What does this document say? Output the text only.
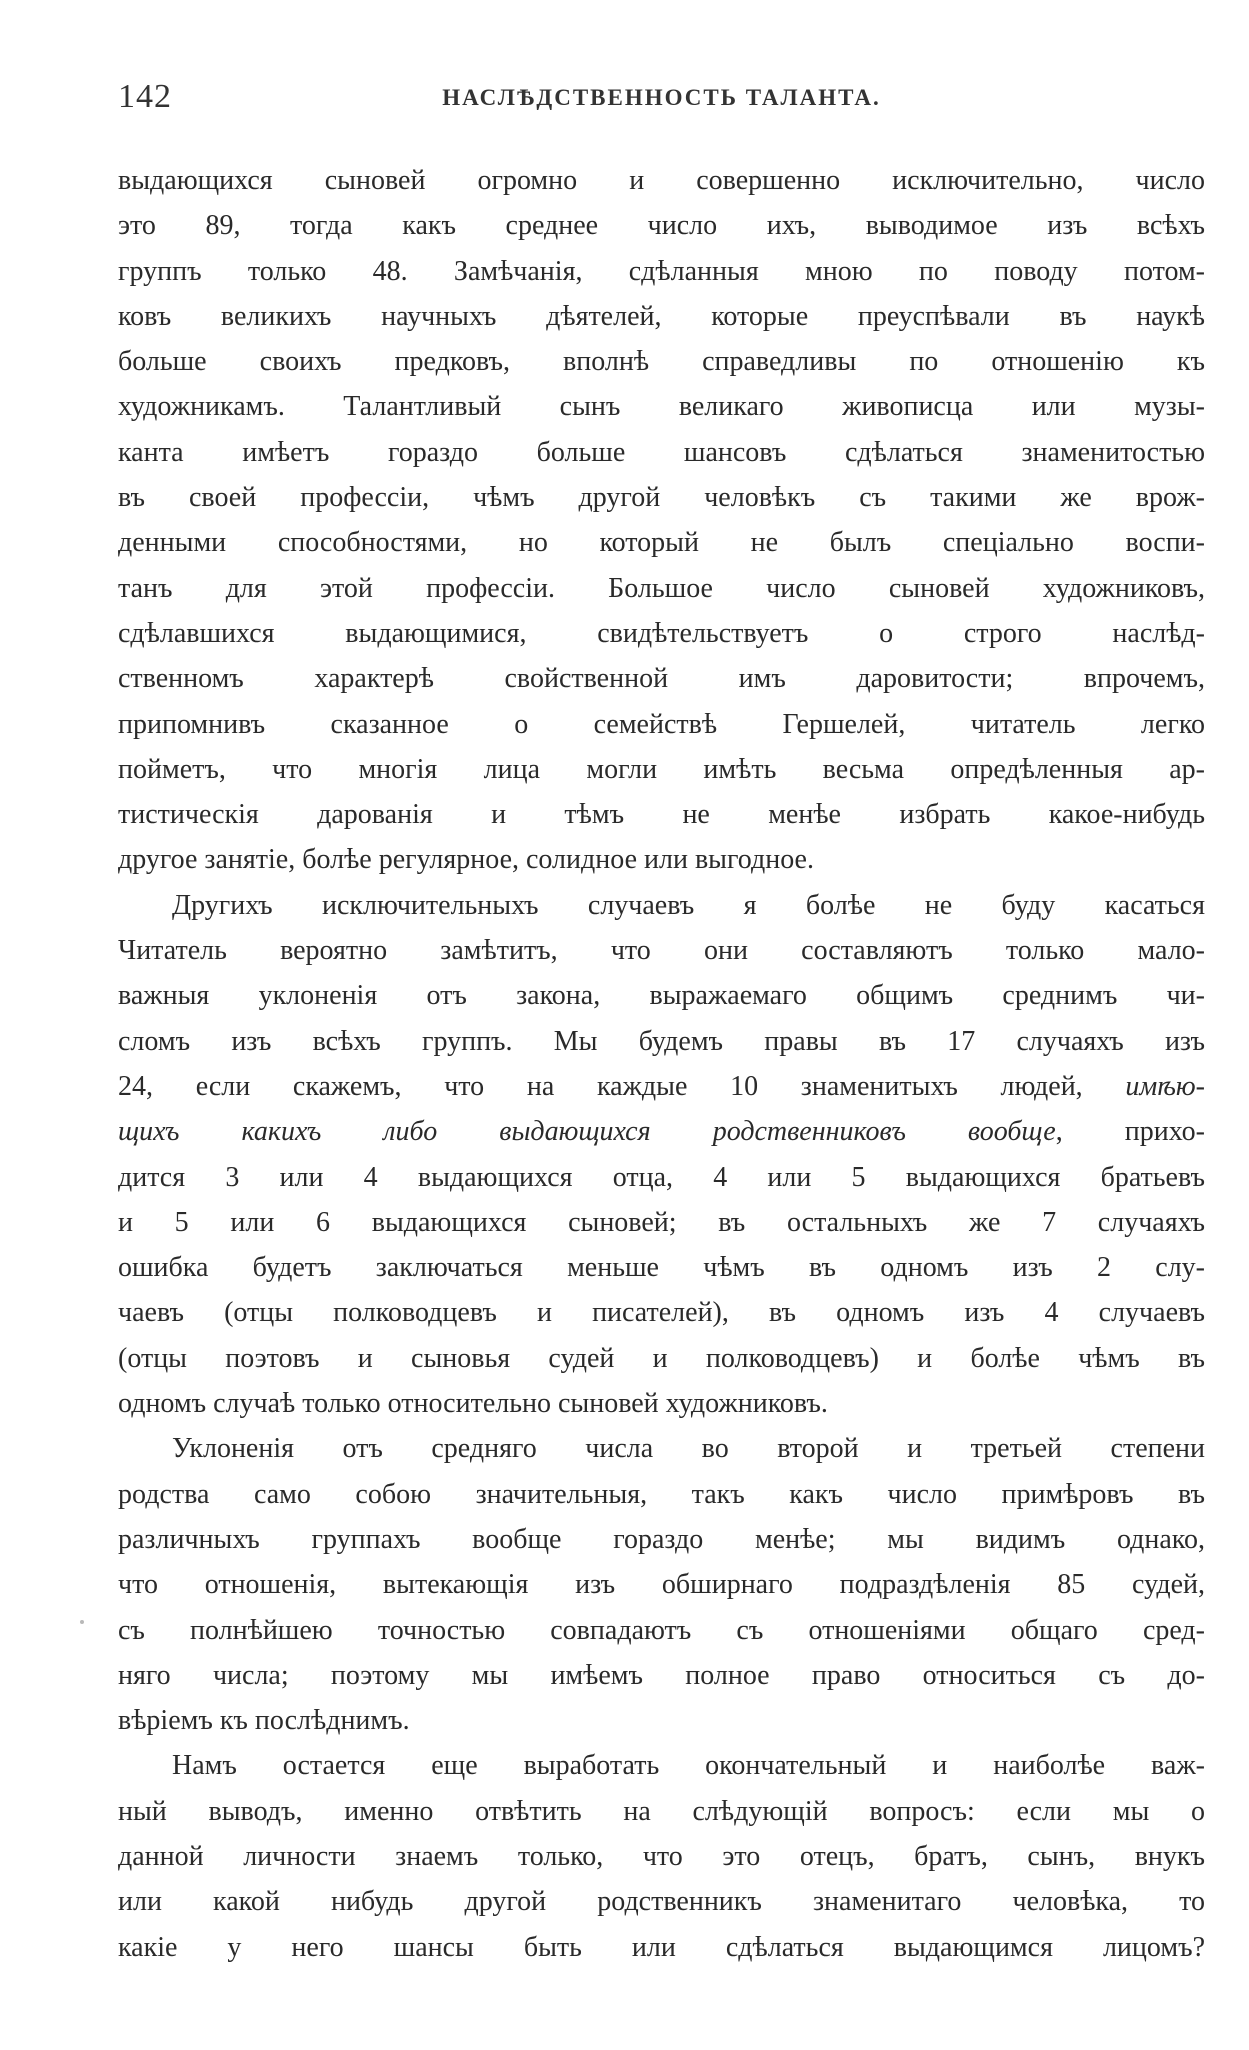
142	НАСЛѢДСТВЕННОСТЬ ТАЛАНТА.
выдающихся сыновей огромно и совершенно исключительно, число
это 89, тогда какъ среднее число ихъ, выводимое изъ всѣхъ
группъ только 48. Замѣчанія, сдѣланныя мною по поводу потом-
ковъ великихъ научныхъ дѣятелей, которые преуспѣвали въ наукѣ
больше своихъ предковъ, вполнѣ справедливы по отношенію къ
художникамъ. Талантливый сынъ великаго живописца или музы-
канта имѣетъ гораздо больше шансовъ сдѣлаться знаменитостью
въ своей профессіи, чѣмъ другой человѣкъ съ такими же врож-
денными способностями, но который не былъ спеціально воспи-
танъ для этой профессіи. Большое число сыновей художниковъ,
сдѣлавшихся выдающимися, свидѣтельствуетъ о строго наслѣд-
ственномъ характерѣ свойственной имъ даровитости; впрочемъ,
припомнивъ сказанное о семействѣ Гершелей, читатель легко
пойметъ, что многія лица могли имѣть весьма опредѣленныя ар-
тистическія дарованія и тѣмъ не менѣе избрать какое-нибудь
другое занятіе, болѣе регулярное, солидное или выгодное.
Другихъ исключительныхъ случаевъ я болѣе не буду касаться
Читатель вероятно замѣтитъ, что они составляютъ только мало-
важныя уклоненія отъ закона, выражаемаго общимъ среднимъ чи-
сломъ изъ всѣхъ группъ. Мы будемъ правы въ 17 случаяхъ изъ
24, если скажемъ, что на каждые 10 знаменитыхъ людей, имѣю-
щихъ какихъ либо выдающихся родственниковъ вообще, прихо-
дится 3 или 4 выдающихся отца, 4 или 5 выдающихся братьевъ
и 5 или 6 выдающихся сыновей; въ остальныхъ же 7 случаяхъ
ошибка будетъ заключаться меньше чѣмъ въ одномъ изъ 2 слу-
чаевъ (отцы полководцевъ и писателей), въ одномъ изъ 4 случаевъ
(отцы поэтовъ и сыновья судей и полководцевъ) и болѣе чѣмъ въ
одномъ случаѣ только относительно сыновей художниковъ.
Уклоненія отъ средняго числа во второй и третьей степени
родства само собою значительныя, такъ какъ число примѣровъ въ
различныхъ группахъ вообще гораздо менѣе; мы видимъ однако,
что отношенія, вытекающія изъ обширнаго подраздѣленія 85 судей,
съ полнѣйшею точностью совпадаютъ съ отношеніями общаго сред-
няго числа; поэтому мы имѣемъ полное право относиться съ до-
вѣріемъ къ послѣднимъ.
Намъ остается еще выработать окончательный и наиболѣе важ-
ный выводъ, именно отвѣтить на слѣдующій вопросъ: если мы о
данной личности знаемъ только, что это отецъ, братъ, сынъ, внукъ
или какой нибудь другой родственникъ знаменитаго человѣка, то
какіе у него шансы быть или сдѣлаться выдающимся лицомъ?
